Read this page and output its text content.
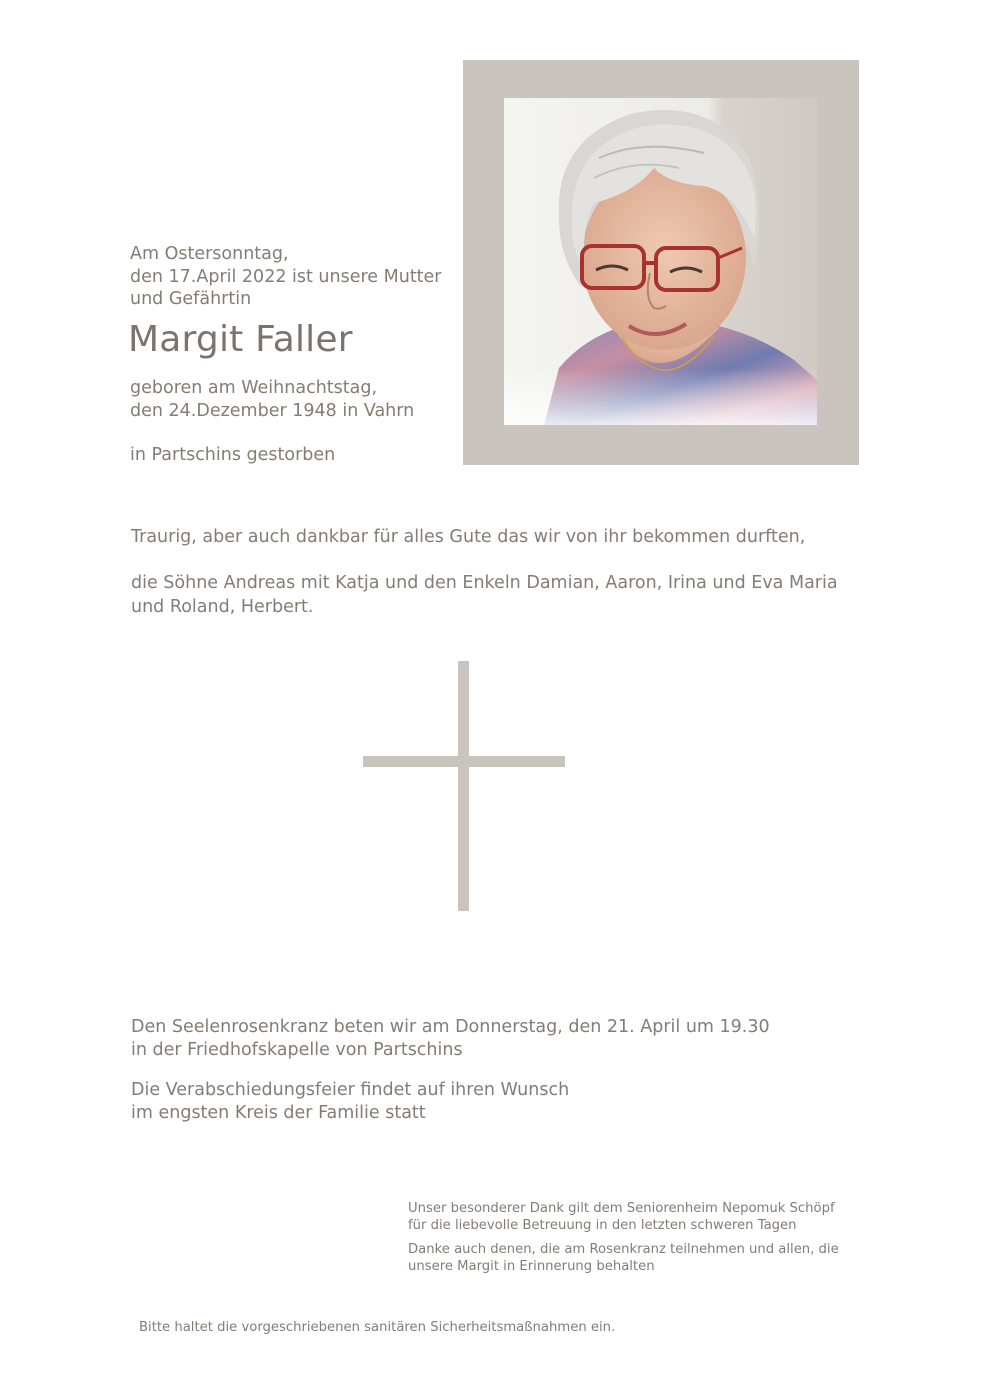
Am Ostersonntag,
den 17.April 2022 ist unsere Mutter
und Gefährtin
Margit Faller
geboren am Weihnachtstag,
den 24.Dezember 1948 in Vahrn
in Partschins gestorben
Traurig, aber auch dankbar für alles Gute das wir von ihr bekommen durften,
die Söhne Andreas mit Katja und den Enkeln Damian, Aaron, Irina und Eva Maria
und Roland, Herbert.
Den Seelenrosenkranz beten wir am Donnerstag, den 21. April um 19.30
in der Friedhofskapelle von Partschins
Die Verabschiedungsfeier findet auf ihren Wunsch
im engsten Kreis der Familie statt
Unser besonderer Dank gilt dem Seniorenheim Nepomuk Schöpf
für die liebevolle Betreuung in den letzten schweren Tagen
Danke auch denen, die am Rosenkranz teilnehmen und allen, die
unsere Margit in Erinnerung behalten
Bitte haltet die vorgeschriebenen sanitären Sicherheitsmaßnahmen ein.
